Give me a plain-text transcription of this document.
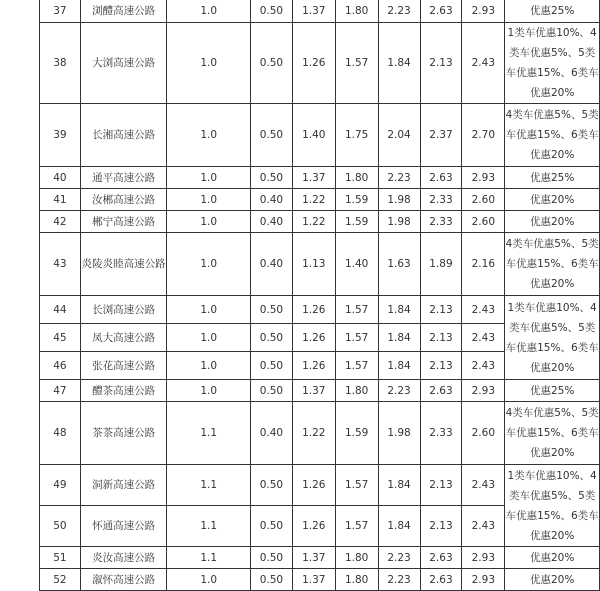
37	浏醴高速公路	1.0	0.50	1.37	1.80	2.23	2.63	2.93	优惠25%
38	大浏高速公路	1.0	0.50	1.26	1.57	1.84	2.13	2.43	1类车优惠10%、4类车优惠5%、5类车优惠15%、6类车优惠20%
39	长湘高速公路	1.0	0.50	1.40	1.75	2.04	2.37	2.70	4类车优惠5%、5类车优惠15%、6类车优惠20%
40	通平高速公路	1.0	0.50	1.37	1.80	2.23	2.63	2.93	优惠25%
41	汝郴高速公路	1.0	0.40	1.22	1.59	1.98	2.33	2.60	优惠20%
42	郴宁高速公路	1.0	0.40	1.22	1.59	1.98	2.33	2.60	优惠20%
43	炎陵炎睦高速公路	1.0	0.40	1.13	1.40	1.63	1.89	2.16	4类车优惠5%、5类车优惠15%、6类车优惠20%
44	长浏高速公路	1.0	0.50	1.26	1.57	1.84	2.13	2.43	1类车优惠10%、4类车优惠5%、5类车优惠15%、6类车优惠20%
45	凤大高速公路	1.0	0.50	1.26	1.57	1.84	2.13	2.43	
46	张花高速公路	1.0	0.50	1.26	1.57	1.84	2.13	2.43	
47	醴茶高速公路	1.0	0.50	1.37	1.80	2.23	2.63	2.93	优惠25%
48	茶茶高速公路	1.1	0.40	1.22	1.59	1.98	2.33	2.60	4类车优惠5%、5类车优惠15%、6类车优惠20%
49	洞新高速公路	1.1	0.50	1.26	1.57	1.84	2.13	2.43	1类车优惠10%、4类车优惠5%、5类车优惠15%、6类车优惠20%
50	怀通高速公路	1.1	0.50	1.26	1.57	1.84	2.13	2.43	
51	炎汝高速公路	1.1	0.50	1.37	1.80	2.23	2.63	2.93	优惠20%
52	溆怀高速公路	1.0	0.50	1.37	1.80	2.23	2.63	2.93	优惠20%
